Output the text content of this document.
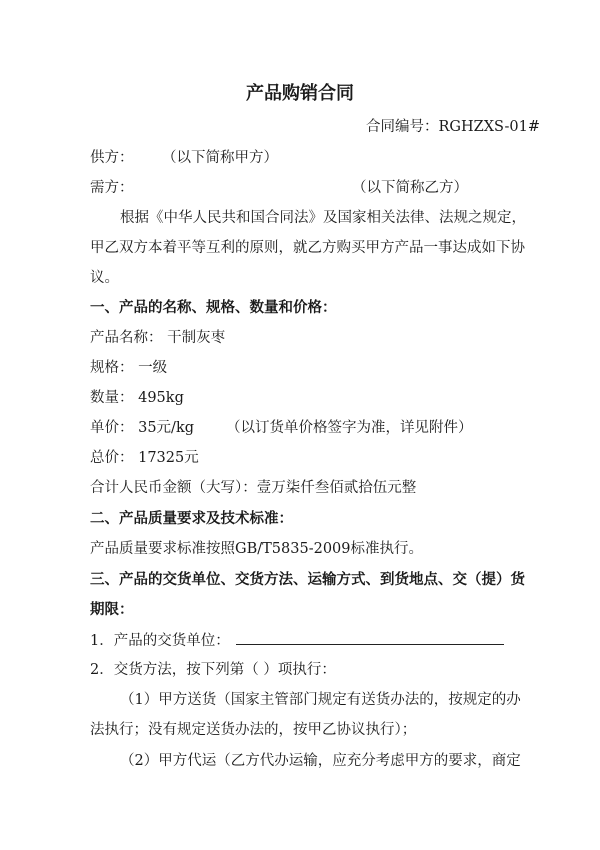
产品购销合同
合同编号：RGHZXS-01#
供方： （以下简称甲方）
需方：	（以下简称乙方）
根据《中华人民共和国合同法》及国家相关法律、法规之规定，
甲乙双方本着平等互利的原则，就乙方购买甲方产品一事达成如下协
议。
一、产品的名称、规格、数量和价格：
产品名称： 干制灰枣
规格： 一级
数量： 495kg
单价： 35元/kg （以订货单价格签字为准，详见附件）
总价： 17325元
合计人民币金额（大写）：壹万柒仟叁佰贰拾伍元整
二、产品质量要求及技术标准：
产品质量要求标准按照GB/T5835-2009标准执行。
三、产品的交货单位、交货方法、运输方式、到货地点、交（提）货
期限：
1．产品的交货单位：
2．交货方法，按下列第（ ）项执行：
（1）甲方送货（国家主管部门规定有送货办法的，按规定的办
法执行；没有规定送货办法的，按甲乙协议执行）；
（2）甲方代运（乙方代办运输，应充分考虑甲方的要求，商定
